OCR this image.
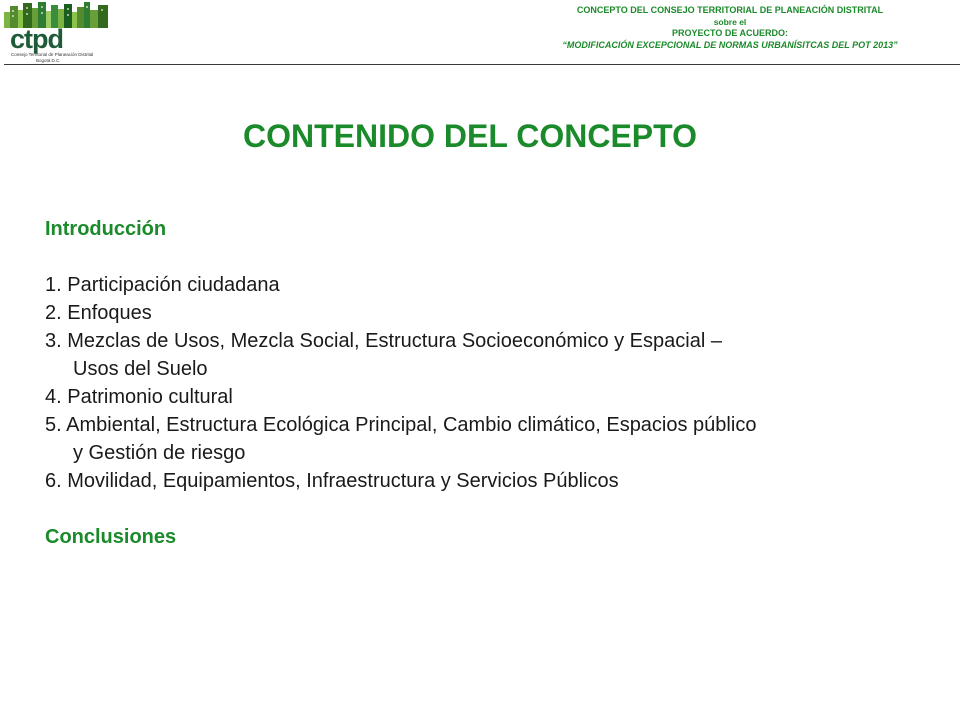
ctpd
Consejo Territorial de Planeación Distrital
Bogotá D.C.
CONCEPTO DEL CONSEJO TERRITORIAL DE PLANEACIÓN DISTRITAL
sobre el
PROYECTO DE ACUERDO:
“MODIFICACIÓN EXCEPCIONAL DE NORMAS URBANÍSITCAS DEL POT 2013”
CONTENIDO DEL CONCEPTO
Introducción
1. Participación ciudadana
2. Enfoques
3. Mezclas de Usos, Mezcla Social, Estructura Socioeconómico y Espacial –
Usos del Suelo
4. Patrimonio cultural
5. Ambiental, Estructura Ecológica Principal, Cambio climático, Espacios público
y Gestión de riesgo
6. Movilidad, Equipamientos, Infraestructura y Servicios Públicos
Conclusiones
